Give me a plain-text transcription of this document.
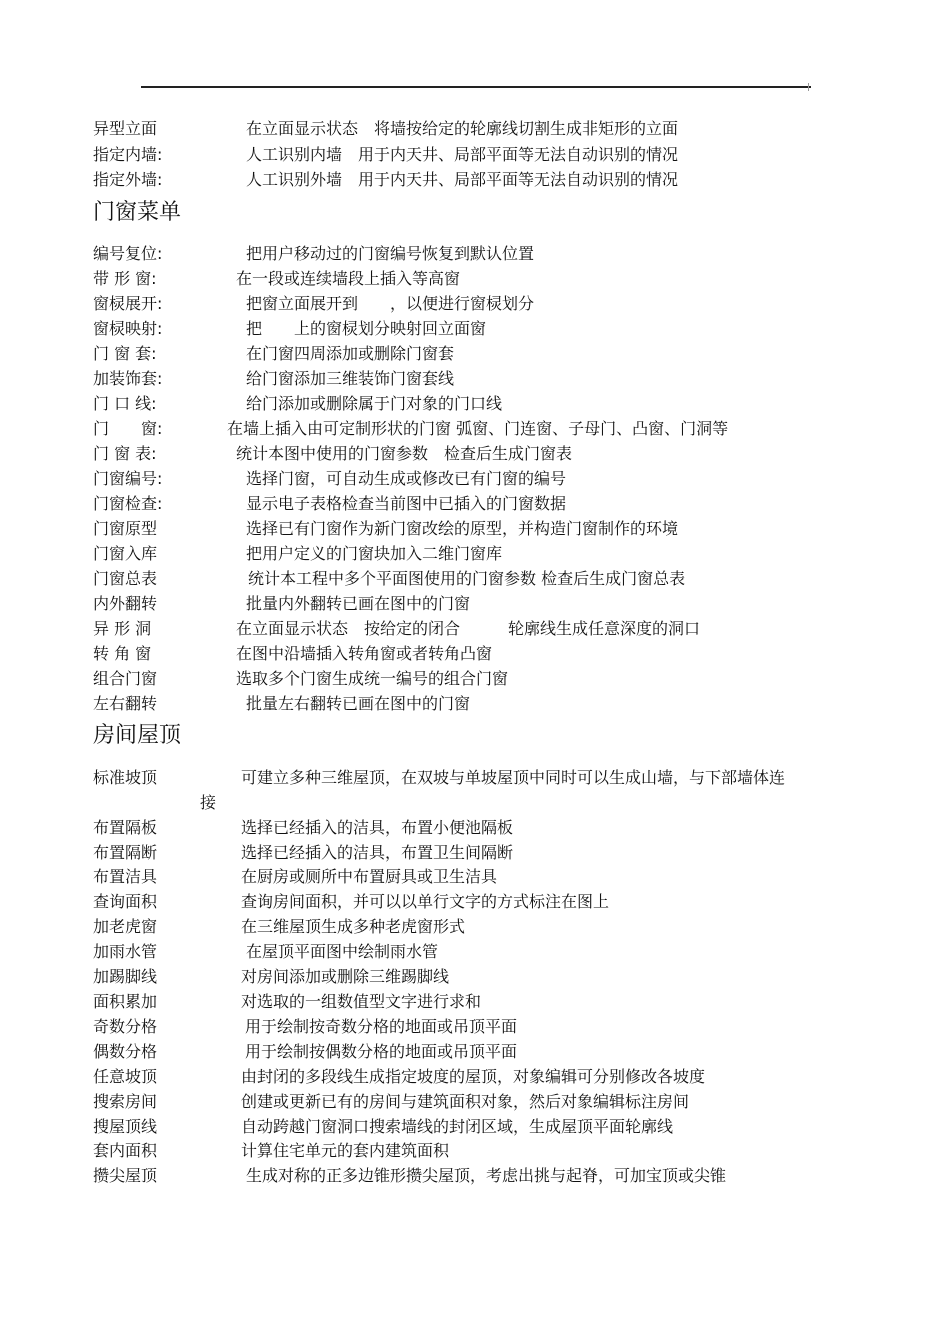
异型立面	在立面显示状态　将墙按给定的轮廓线切割生成非矩形的立面
指定内墙:	人工识别内墙　用于内天井、局部平面等无法自动识别的情况
指定外墙:	人工识别外墙　用于内天井、局部平面等无法自动识别的情况
门窗菜单
编号复位:	把用户移动过的门窗编号恢复到默认位置
带 形 窗:	在一段或连续墙段上插入等高窗
窗棂展开:	把窗立面展开到　　，以便进行窗棂划分
窗棂映射:	把　　上的窗棂划分映射回立面窗
门 窗 套:	在门窗四周添加或删除门窗套
加装饰套:	给门窗添加三维装饰门窗套线
门 口 线:	给门添加或删除属于门对象的门口线
门　　窗:	在墙上插入由可定制形状的门窗 弧窗、门连窗、子母门、凸窗、门洞等
门 窗 表:	统计本图中使用的门窗参数　检查后生成门窗表
门窗编号:	选择门窗，可自动生成或修改已有门窗的编号
门窗检查:	显示电子表格检查当前图中已插入的门窗数据
门窗原型	选择已有门窗作为新门窗改绘的原型，并构造门窗制作的环境
门窗入库	把用户定义的门窗块加入二维门窗库
门窗总表	统计本工程中多个平面图使用的门窗参数 检查后生成门窗总表
内外翻转	批量内外翻转已画在图中的门窗
异 形 洞	在立面显示状态　按给定的闭合　　　轮廓线生成任意深度的洞口
转 角 窗	在图中沿墙插入转角窗或者转角凸窗
组合门窗	选取多个门窗生成统一编号的组合门窗
左右翻转	批量左右翻转已画在图中的门窗
房间屋顶
标准坡顶	可建立多种三维屋顶，在双坡与单坡屋顶中同时可以生成山墙，与下部墙体连
接
布置隔板	选择已经插入的洁具，布置小便池隔板
布置隔断	选择已经插入的洁具，布置卫生间隔断
布置洁具	在厨房或厕所中布置厨具或卫生洁具
查询面积	查询房间面积，并可以以单行文字的方式标注在图上
加老虎窗	在三维屋顶生成多种老虎窗形式
加雨水管	在屋顶平面图中绘制雨水管
加踢脚线	对房间添加或删除三维踢脚线
面积累加	对选取的一组数值型文字进行求和
奇数分格	用于绘制按奇数分格的地面或吊顶平面
偶数分格	用于绘制按偶数分格的地面或吊顶平面
任意坡顶	由封闭的多段线生成指定坡度的屋顶，对象编辑可分别修改各坡度
搜索房间	创建或更新已有的房间与建筑面积对象，然后对象编辑标注房间
搜屋顶线	自动跨越门窗洞口搜索墙线的封闭区域，生成屋顶平面轮廓线
套内面积	计算住宅单元的套内建筑面积
攒尖屋顶	生成对称的正多边锥形攒尖屋顶，考虑出挑与起脊，可加宝顶或尖锥
